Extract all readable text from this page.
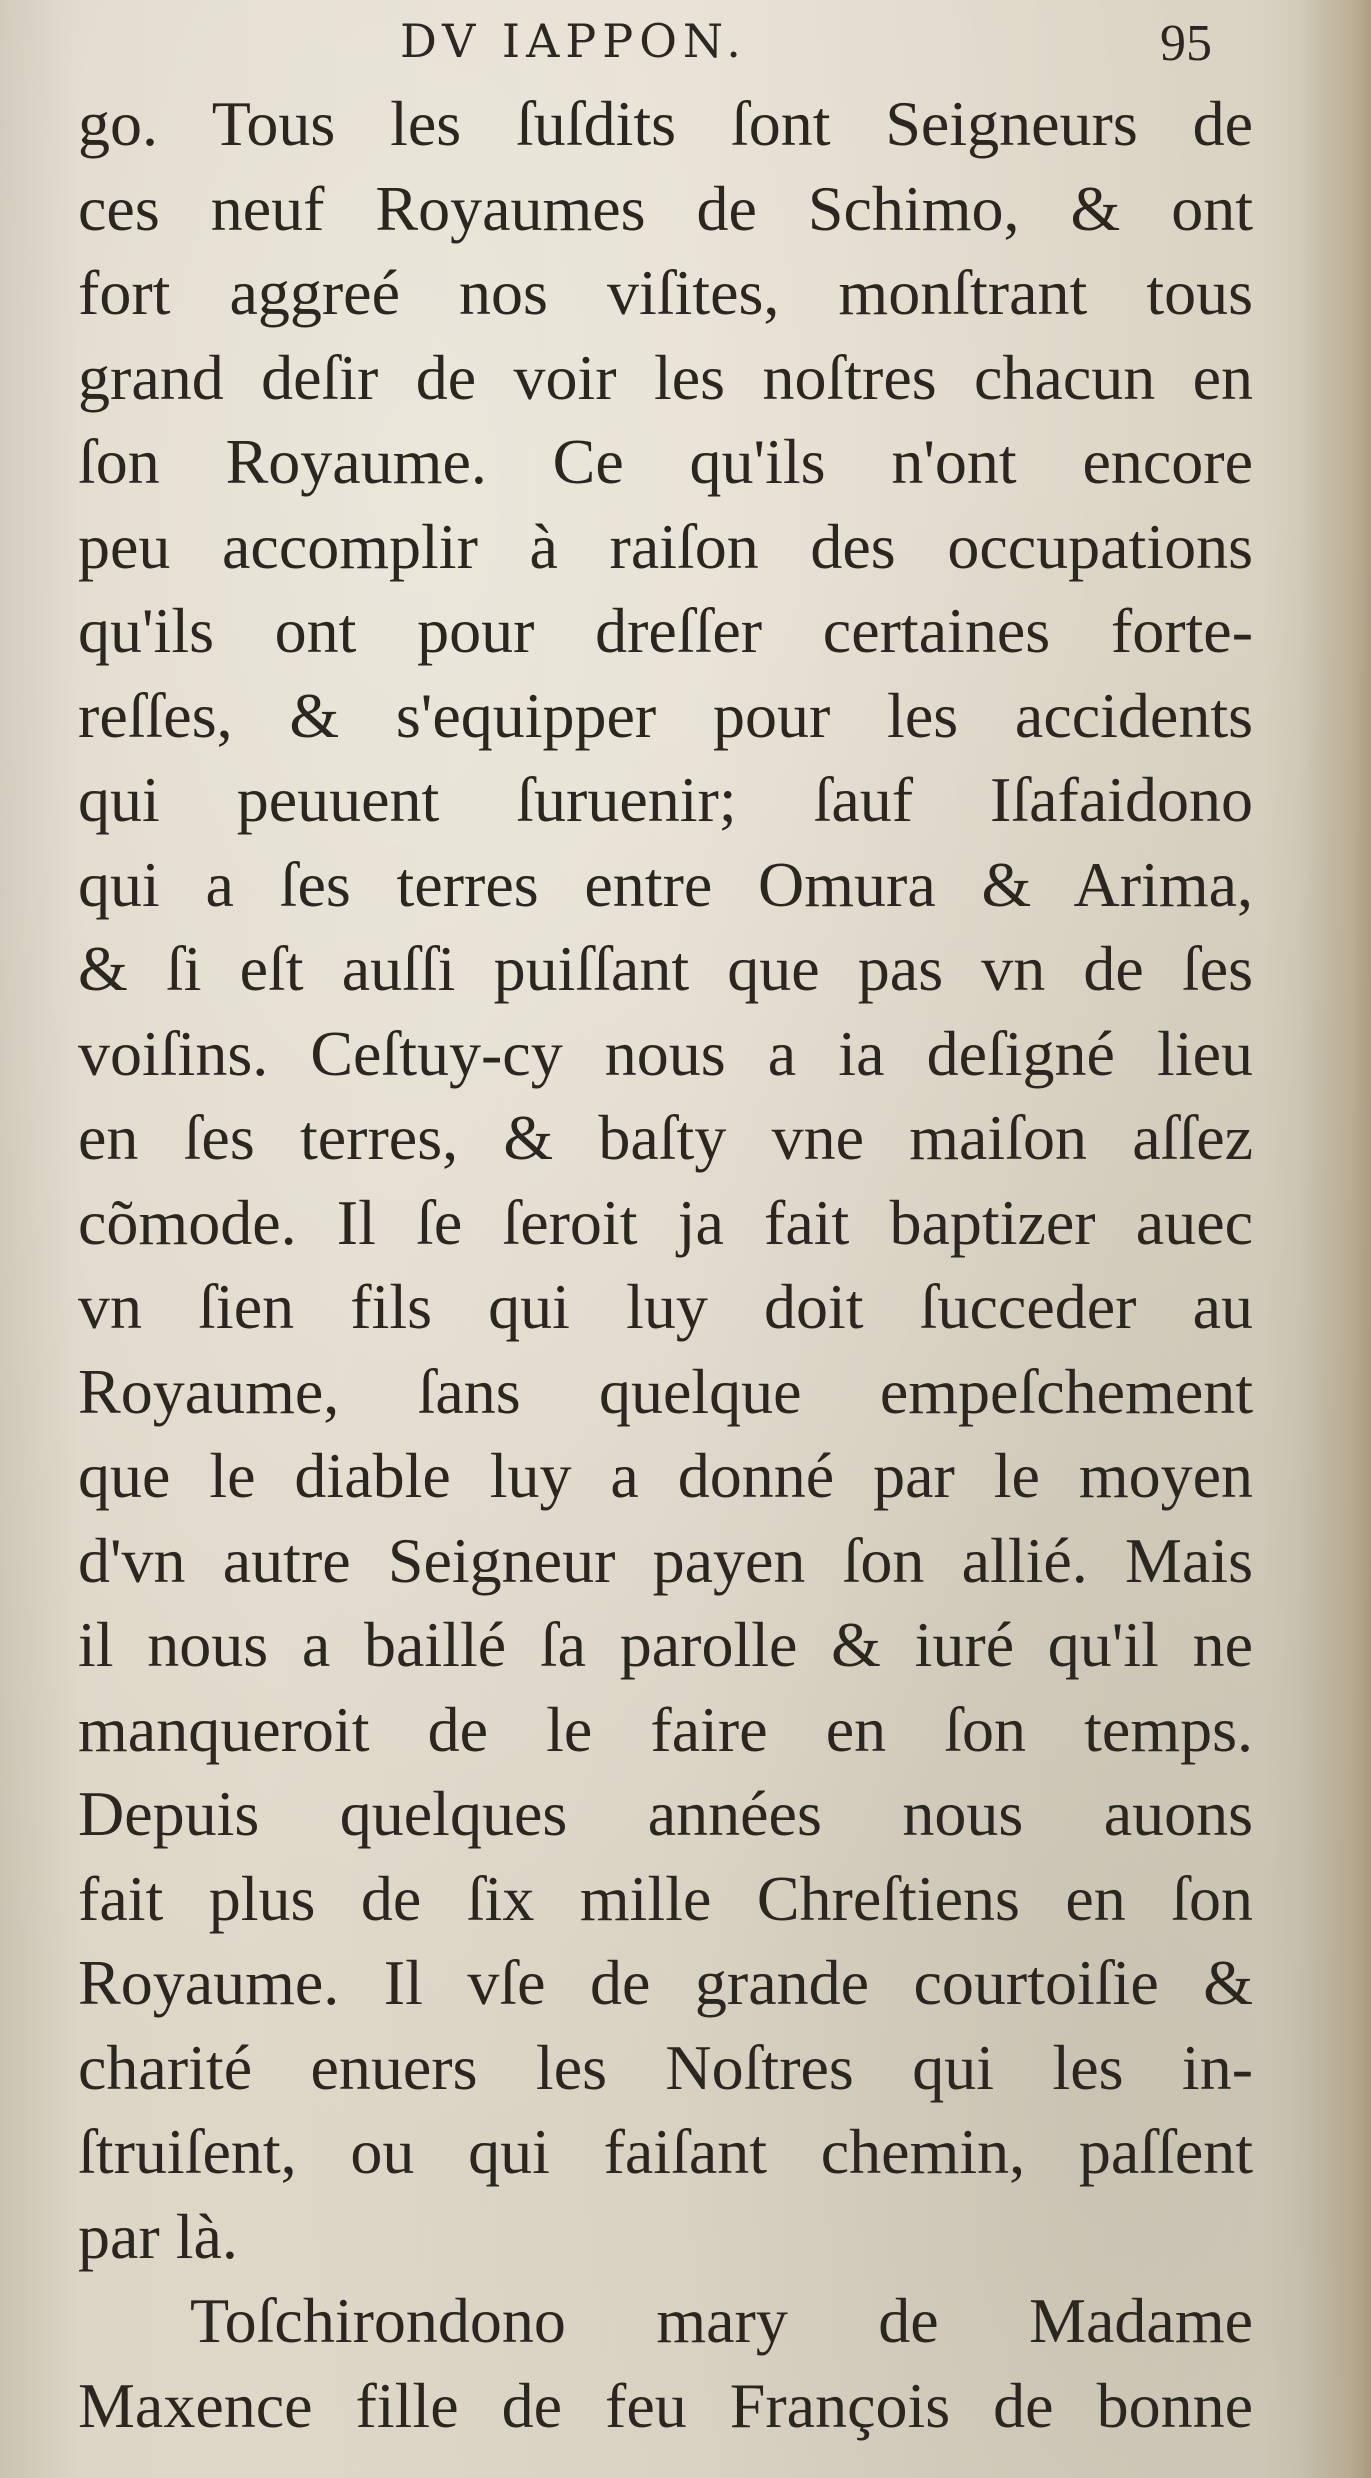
DV IAPPON.	95
go. Tous les ſuſdits ſont Seigneurs de
ces neuf Royaumes de Schimo, & ont
fort aggreé nos viſites, monſtrant tous
grand deſir de voir les noſtres chacun en
ſon Royaume. Ce qu'ils n'ont encore
peu accomplir à raiſon des occupations
qu'ils ont pour dreſſer certaines forte-
reſſes, & s'equipper pour les accidents
qui peuuent ſuruenir; ſauf Iſafaidono
qui a ſes terres entre Omura & Arima,
& ſi eſt auſſi puiſſant que pas vn de ſes
voiſins. Ceſtuy-cy nous a ia deſigné lieu
en ſes terres, & baſty vne maiſon aſſez
cõmode. Il ſe ſeroit ja fait baptizer auec
vn ſien fils qui luy doit ſucceder au
Royaume, ſans quelque empeſchement
que le diable luy a donné par le moyen
d'vn autre Seigneur payen ſon allié. Mais
il nous a baillé ſa parolle & iuré qu'il ne
manqueroit de le faire en ſon temps.
Depuis quelques années nous auons
fait plus de ſix mille Chreſtiens en ſon
Royaume. Il vſe de grande courtoiſie &
charité enuers les Noſtres qui les in-
ſtruiſent, ou qui faiſant chemin, paſſent
par là.
Toſchirondono mary de Madame
Maxence fille de feu François de bonne
